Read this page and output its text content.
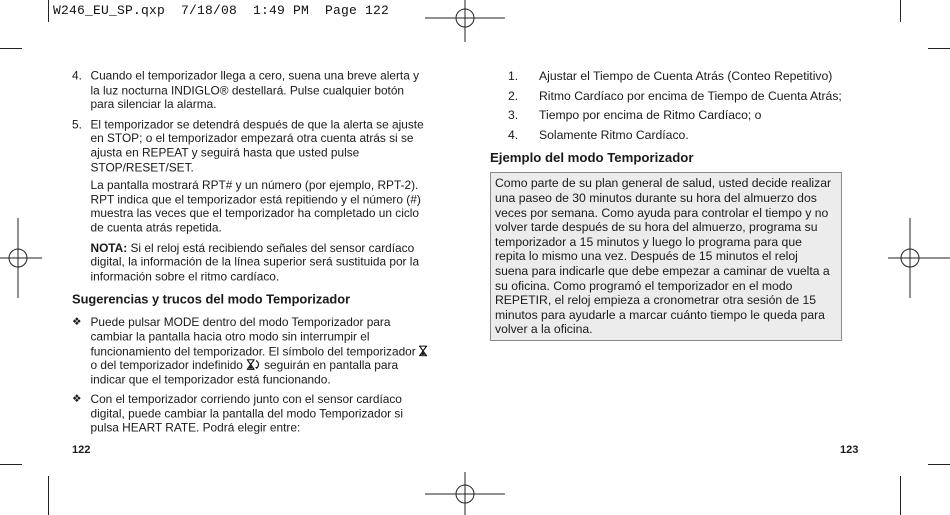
W246_EU_SP.qxp  7/18/08  1:49 PM  Page 122
4. Cuando el temporizador llega a cero, suena una breve alerta y la luz nocturna INDIGLO® destellará. Pulse cualquier botón para silenciar la alarma.
5. El temporizador se detendrá después de que la alerta se ajuste en STOP; o el temporizador empezará otra cuenta atrás si se ajusta en REPEAT y seguirá hasta que usted pulse STOP/RESET/SET.

La pantalla mostrará RPT# y un número (por ejemplo, RPT-2). RPT indica que el temporizador está repitiendo y el número (#) muestra las veces que el temporizador ha completado un ciclo de cuenta atrás repetida.

NOTA: Si el reloj está recibiendo señales del sensor cardíaco digital, la información de la línea superior será sustituida por la información sobre el ritmo cardíaco.

Sugerencias y trucos del modo Temporizador
❖ Puede pulsar MODE dentro del modo Temporizador para cambiar la pantalla hacia otro modo sin interrumpir el funcionamiento del temporizador. El símbolo del temporizador  o del temporizador indefinido  seguirán en pantalla para indicar que el temporizador está funcionando.
❖ Con el temporizador corriendo junto con el sensor cardíaco digital, puede cambiar la pantalla del modo Temporizador si pulsa HEART RATE. Podrá elegir entre:
1.	Ajustar el Tiempo de Cuenta Atrás (Conteo Repetitivo)
2.	Ritmo Cardíaco por encima de Tiempo de Cuenta Atrás;
3.	Tiempo por encima de Ritmo Cardíaco; o
4.	Solamente Ritmo Cardíaco.
Ejemplo del modo Temporizador
Como parte de su plan general de salud, usted decide realizar una paseo de 30 minutos durante su hora del almuerzo dos veces por semana. Como ayuda para controlar el tiempo y no volver tarde después de su hora del almuerzo, programa su temporizador a 15 minutos y luego lo programa para que repita lo mismo una vez. Después de 15 minutos el reloj suena para indicarle que debe empezar a caminar de vuelta a su oficina. Como programó el temporizador en el modo REPETIR, el reloj empieza a cronometrar otra sesión de 15 minutos para ayudarle a marcar cuánto tiempo le queda para volver a la oficina.
122	123
